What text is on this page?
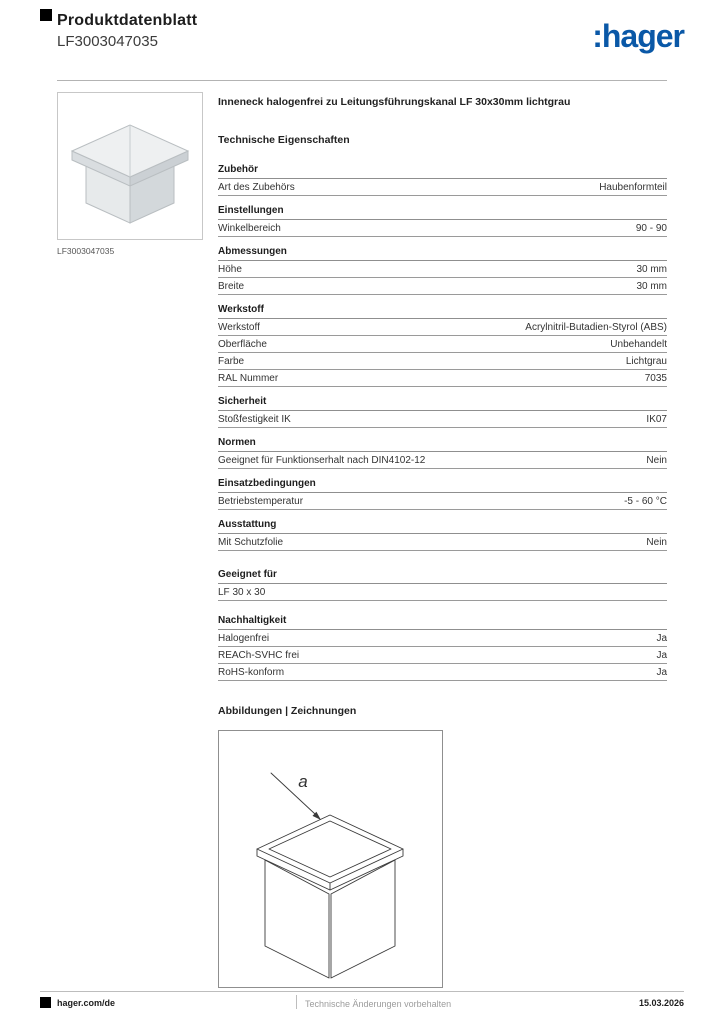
Produktdatenblatt
LF3003047035	:hager
LF3003047035
Inneneck halogenfrei zu Leitungsführungskanal LF 30x30mm lichtgrau
Technische Eigenschaften
Zubehör
Art des Zubehörs	Haubenformteil
Einstellungen
Winkelbereich	90 - 90
Abmessungen
Höhe	30 mm
Breite	30 mm
Werkstoff
Werkstoff	Acrylnitril-Butadien-Styrol (ABS)
Oberfläche	Unbehandelt
Farbe	Lichtgrau
RAL Nummer	7035
Sicherheit
Stoßfestigkeit IK	IK07
Normen
Geeignet für Funktionserhalt nach DIN4102-12	Nein
Einsatzbedingungen
Betriebstemperatur	-5 - 60 °C
Ausstattung
Mit Schutzfolie	Nein
Geeignet für
LF 30 x 30
Nachhaltigkeit
Halogenfrei	Ja
REACh-SVHC frei	Ja
RoHS-konform	Ja
Abbildungen | Zeichnungen
a
hager.com/de	Technische Änderungen vorbehalten	15.03.2026
